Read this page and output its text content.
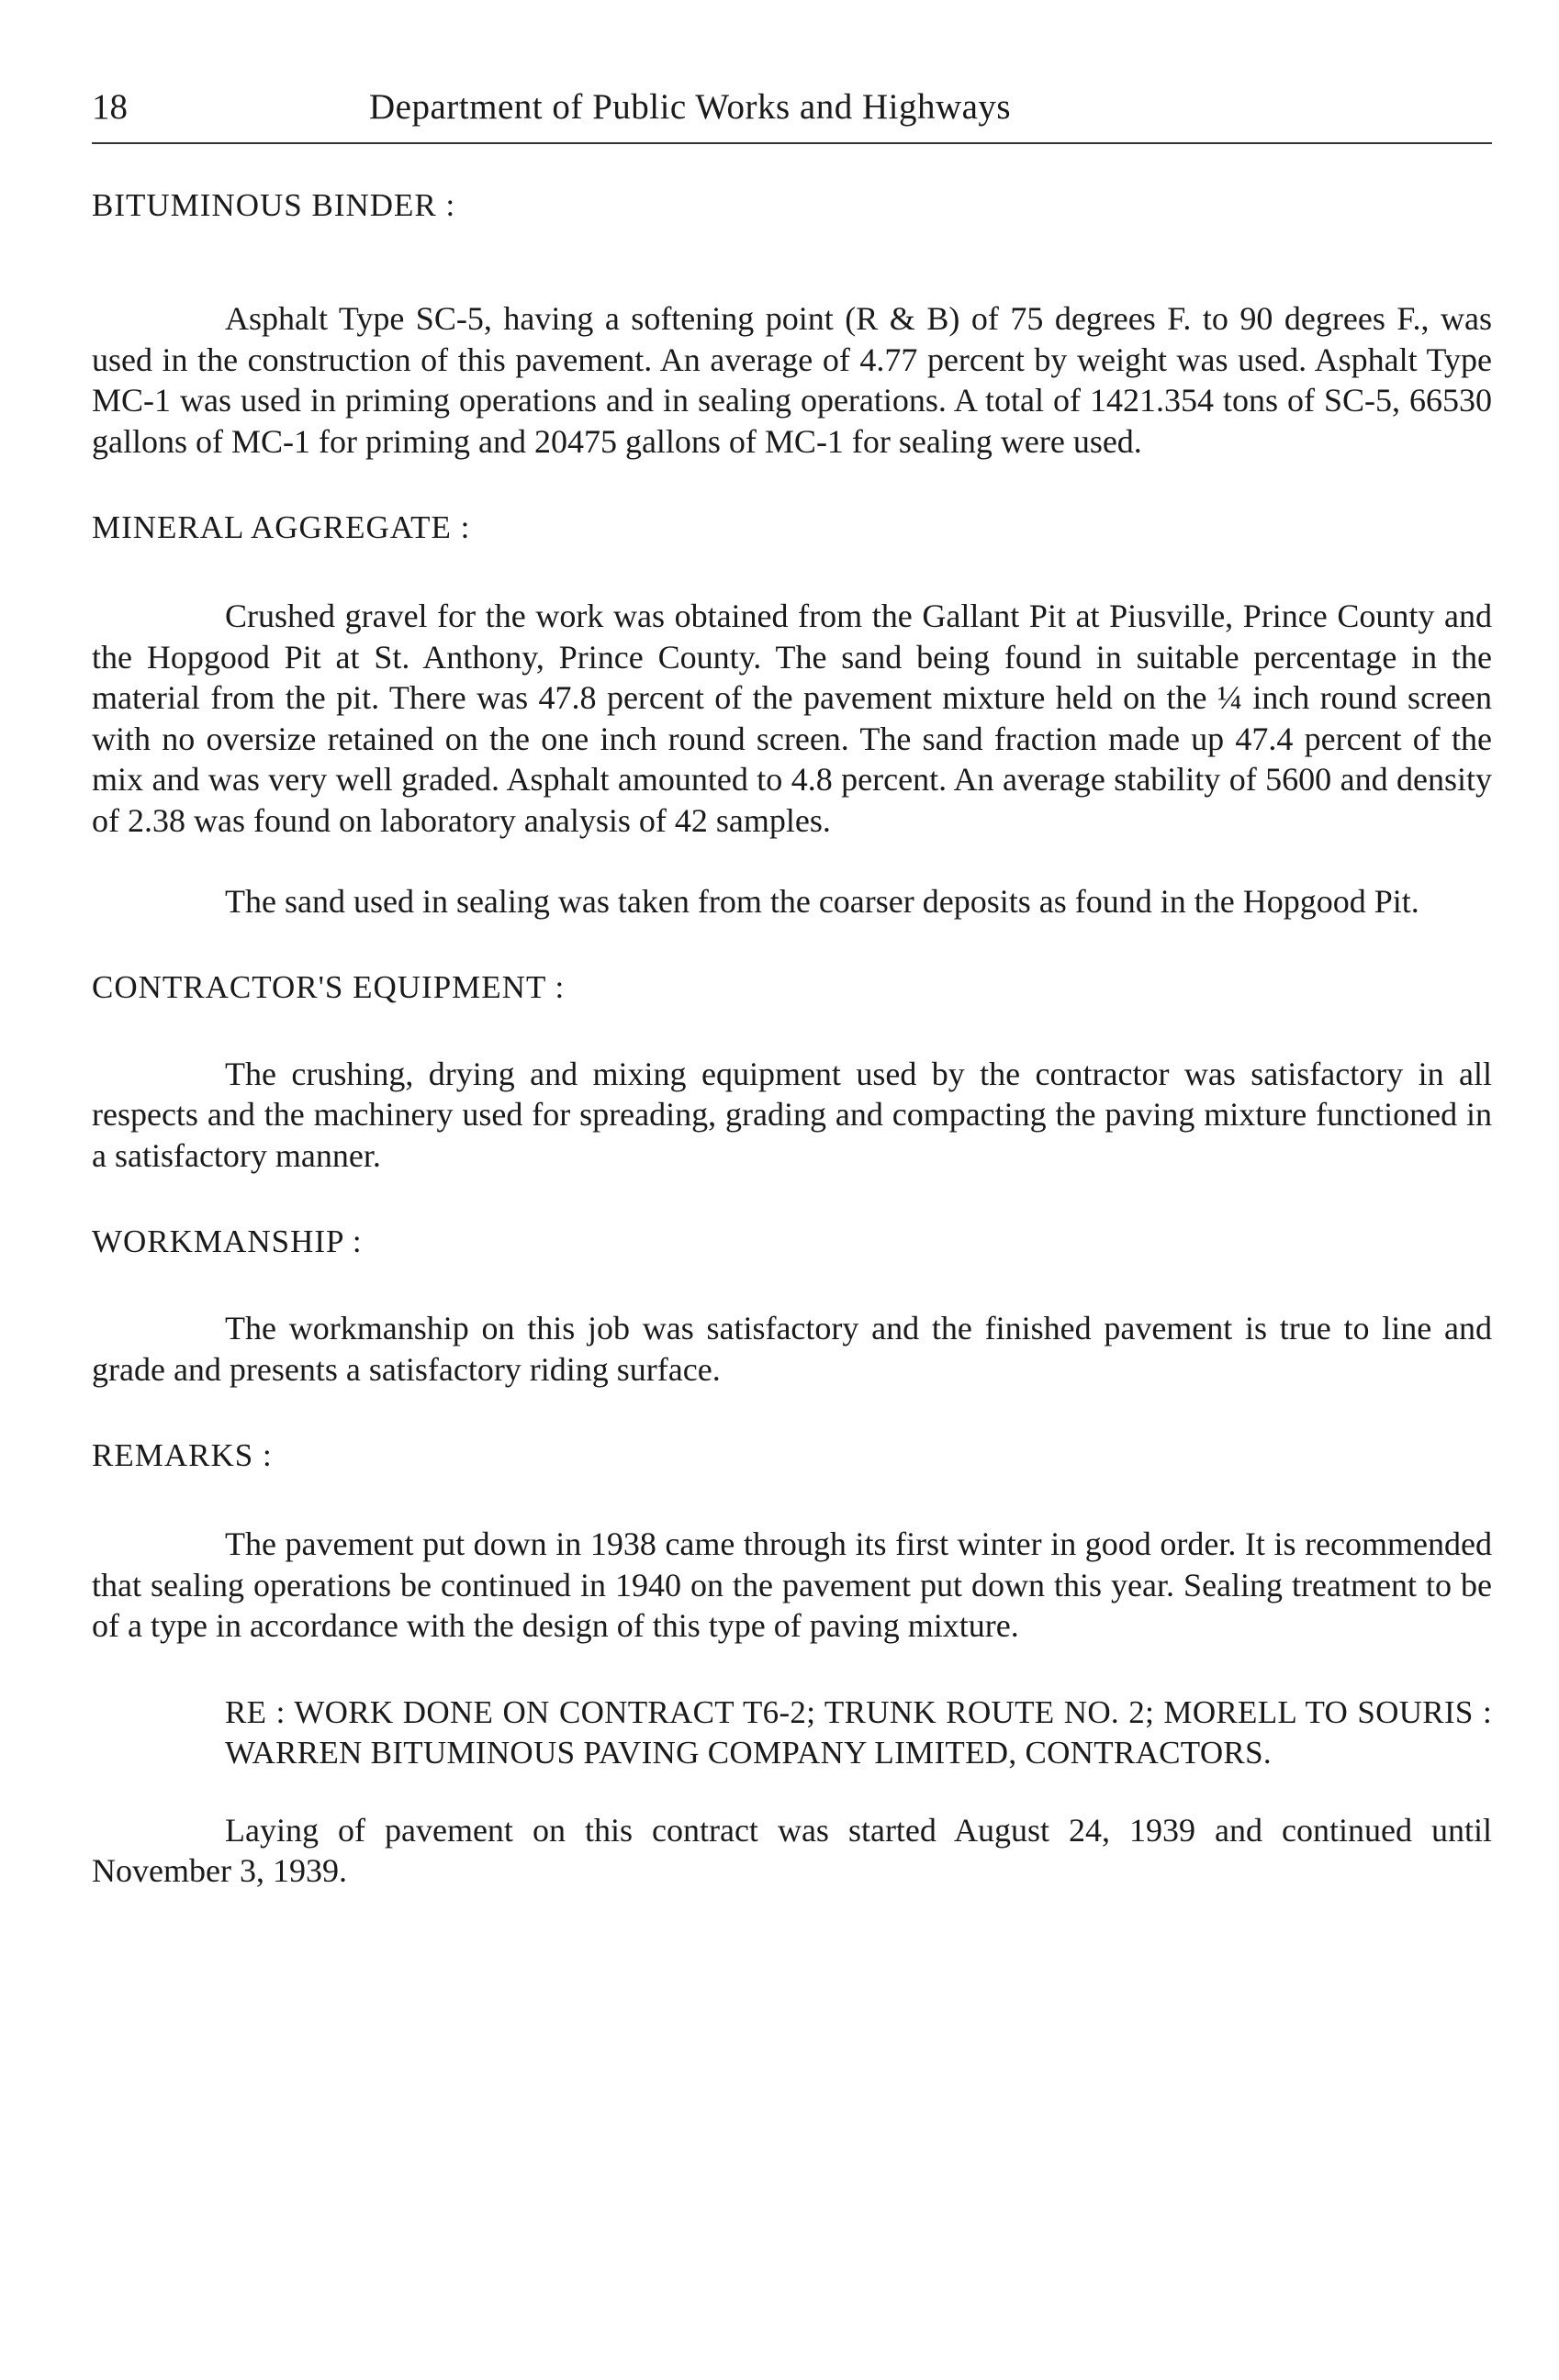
18	Department of Public Works and Highways

BITUMINOUS BINDER :

Asphalt Type SC-5, having a softening point (R & B) of 75 degrees F. to 90 degrees F., was used in the construction of this pavement. An average of 4.77 percent by weight was used. Asphalt Type MC-1 was used in priming operations and in sealing operations. A total of 1421.354 tons of SC-5, 66530 gallons of MC-1 for priming and 20475 gallons of MC-1 for sealing were used.

MINERAL AGGREGATE :

Crushed gravel for the work was obtained from the Gallant Pit at Piusville, Prince County and the Hopgood Pit at St. Anthony, Prince County. The sand being found in suitable percentage in the material from the pit. There was 47.8 percent of the pavement mixture held on the ¼ inch round screen with no oversize retained on the one inch round screen. The sand fraction made up 47.4 percent of the mix and was very well graded. Asphalt amounted to 4.8 percent. An average stability of 5600 and density of 2.38 was found on laboratory analysis of 42 samples.

The sand used in sealing was taken from the coarser deposits as found in the Hopgood Pit.

CONTRACTOR'S EQUIPMENT :

The crushing, drying and mixing equipment used by the contractor was satisfactory in all respects and the machinery used for spreading, grading and compacting the paving mixture functioned in a satisfactory manner.

WORKMANSHIP :

The workmanship on this job was satisfactory and the finished pavement is true to line and grade and presents a satisfactory riding surface.

REMARKS :

The pavement put down in 1938 came through its first winter in good order. It is recommended that sealing operations be continued in 1940 on the pavement put down this year. Sealing treatment to be of a type in accordance with the design of this type of paving mixture.

RE : WORK DONE ON CONTRACT T6-2; TRUNK ROUTE NO. 2; MORELL TO SOURIS : WARREN BITUMINOUS PAVING COMPANY LIMITED, CONTRACTORS.

Laying of pavement on this contract was started August 24, 1939 and continued until November 3, 1939.
